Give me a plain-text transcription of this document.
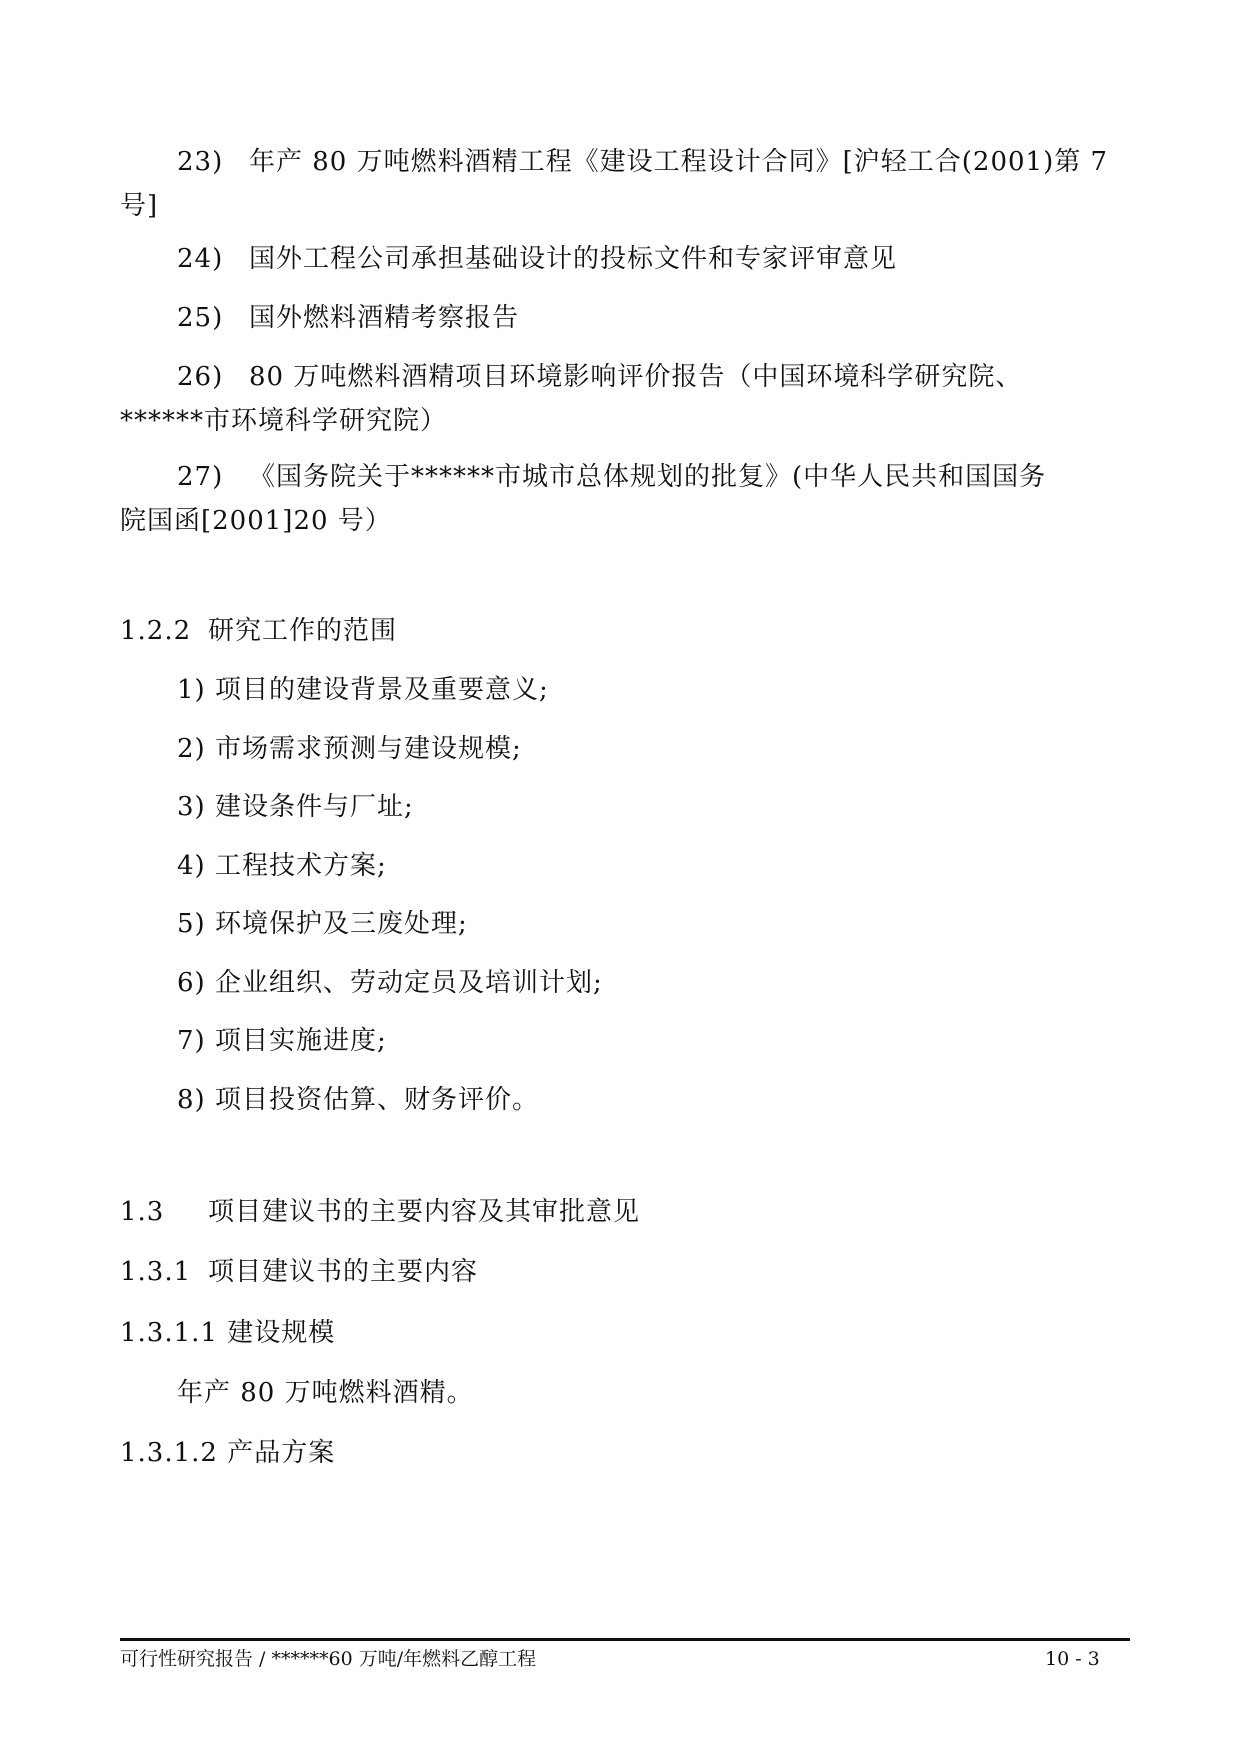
23) 年产 80 万吨燃料酒精工程《建设工程设计合同》[沪轻工合(2001)第 7
号]
24) 国外工程公司承担基础设计的投标文件和专家评审意见
25) 国外燃料酒精考察报告
26) 80 万吨燃料酒精项目环境影响评价报告（中国环境科学研究院、
******市环境科学研究院）
27) 《国务院关于******市城市总体规划的批复》(中华人民共和国国务
院国函[2001]20 号）
1.2.2 研究工作的范围
1) 项目的建设背景及重要意义;
2) 市场需求预测与建设规模;
3) 建设条件与厂址;
4) 工程技术方案;
5) 环境保护及三废处理;
6) 企业组织、劳动定员及培训计划;
7) 项目实施进度;
8) 项目投资估算、财务评价。
1.3 项目建议书的主要内容及其审批意见
1.3.1 项目建议书的主要内容
1.3.1.1 建设规模
年产 80 万吨燃料酒精。
1.3.1.2 产品方案
可行性研究报告 / ******60 万吨/年燃料乙醇工程	10 - 3
